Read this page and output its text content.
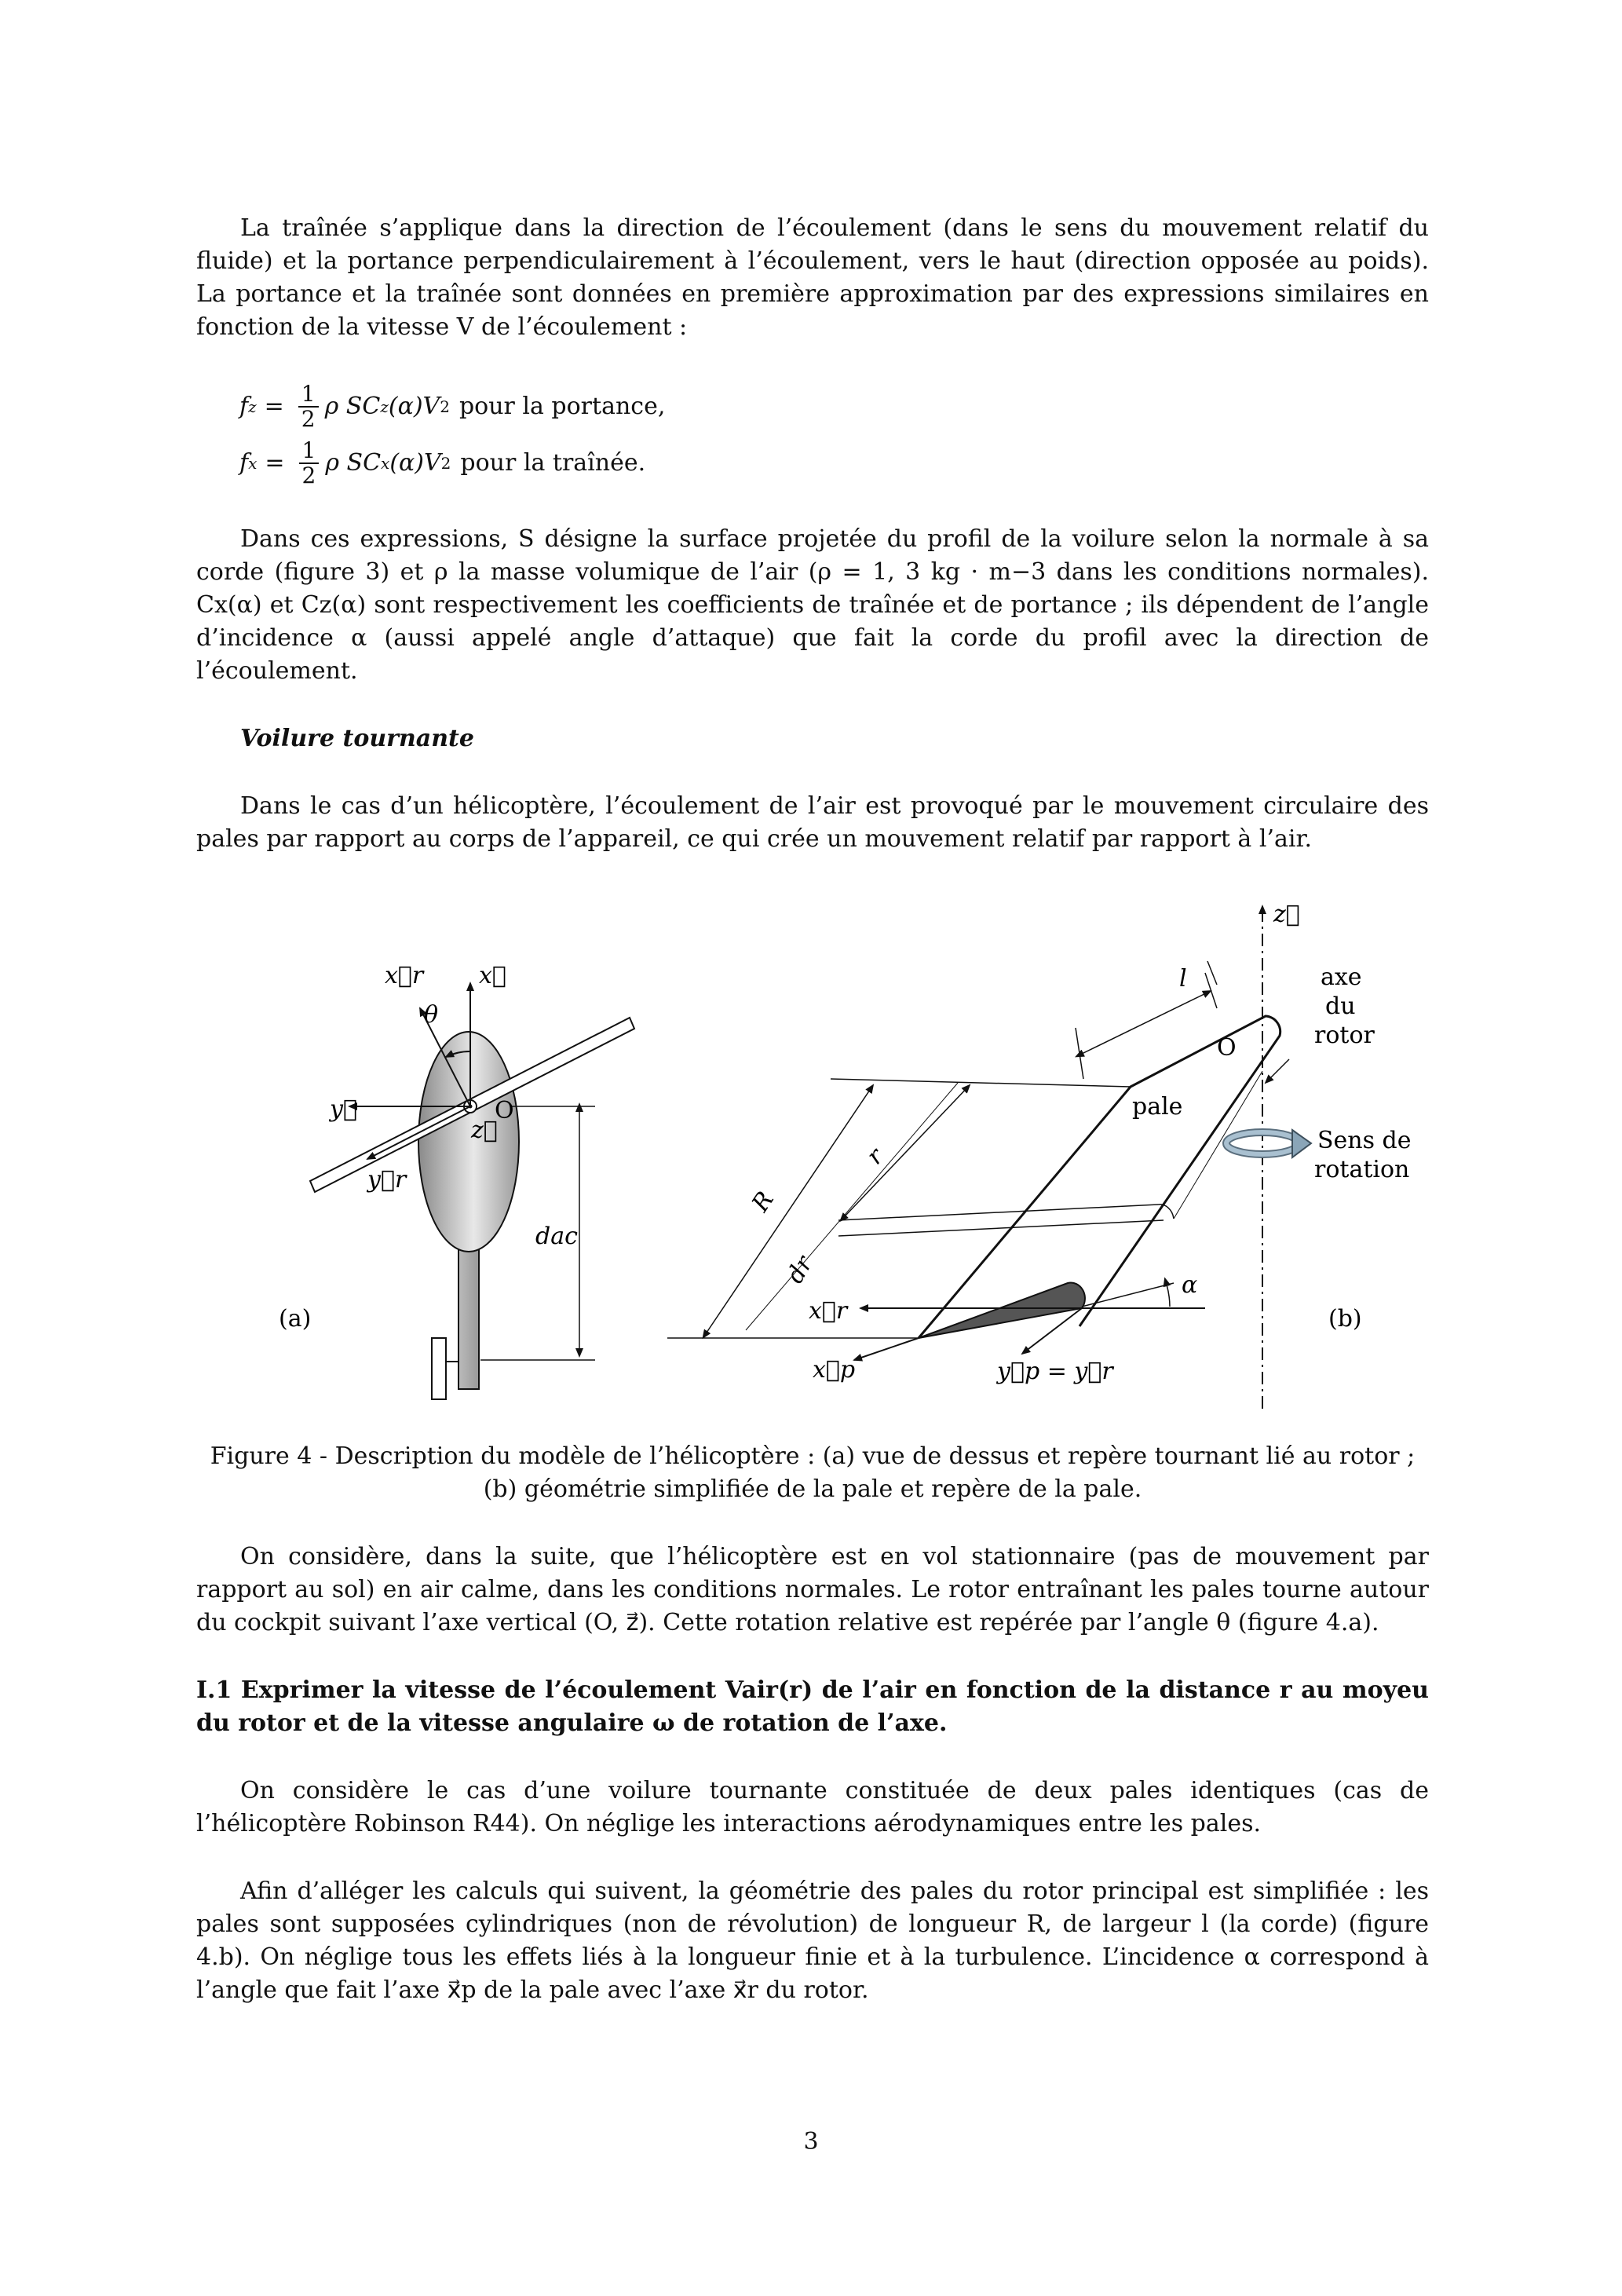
La traînée s’applique dans la direction de l’écoulement (dans le sens du mouvement relatif du fluide) et la portance perpendiculairement à l’écoulement, vers le haut (direction opposée au poids). La portance et la traînée sont données en première approximation par des expressions similaires en fonction de la vitesse V de l’écoulement :

f $z = \frac{1}{2}$ ρ SC z (α)V 2 pour la portance,
f $x = \frac{1}{2}$ ρ SC x (α)V 2 pour la traînée.

Dans ces expressions, S désigne la surface projetée du profil de la voilure selon la normale à sa corde (figure 3) et ρ la masse volumique de l’air (ρ = 1, 3 kg · m−3 dans les conditions normales). Cx(α) et Cz(α) sont respectivement les coefficients de traînée et de portance ; ils dépendent de l’angle d’incidence α (aussi appelé angle d’attaque) que fait la corde du profil avec la direction de l’écoulement.

Voilure tournante

Dans le cas d’un hélicoptère, l’écoulement de l’air est provoqué par le mouvement circulaire des pales par rapport au corps de l’appareil, ce qui crée un mouvement relatif par rapport à l’air.

x⃗r x⃗
θ
y⃗	O
z⃗
y⃗r
dac
(a)
z⃗
l
O
axe
du
rotor
pale
Sens de
rotation
R
r
dr
x⃗r
α
x⃗p	y⃗p = y⃗r
(b)
Figure 4 - Description du modèle de l’hélicoptère : (a) vue de dessus et repère tournant lié au rotor ;
(b) géométrie simplifiée de la pale et repère de la pale.

On considère, dans la suite, que l’hélicoptère est en vol stationnaire (pas de mouvement par rapport au sol) en air calme, dans les conditions normales. Le rotor entraînant les pales tourne autour du cockpit suivant l’axe vertical (O, z⃗). Cette rotation relative est repérée par l’angle θ (figure 4.a).

I.1 Exprimer la vitesse de l’écoulement Vair(r) de l’air en fonction de la distance r au moyeu du rotor et de la vitesse angulaire ω de rotation de l’axe.

On considère le cas d’une voilure tournante constituée de deux pales identiques (cas de l’hélicoptère Robinson R44). On néglige les interactions aérodynamiques entre les pales.

Afin d’alléger les calculs qui suivent, la géométrie des pales du rotor principal est simplifiée : les pales sont supposées cylindriques (non de révolution) de longueur R, de largeur l (la corde) (figure 4.b). On néglige tous les effets liés à la longueur finie et à la turbulence. L’incidence α correspond à l’angle que fait l’axe x⃗p de la pale avec l’axe x⃗r du rotor.

3
